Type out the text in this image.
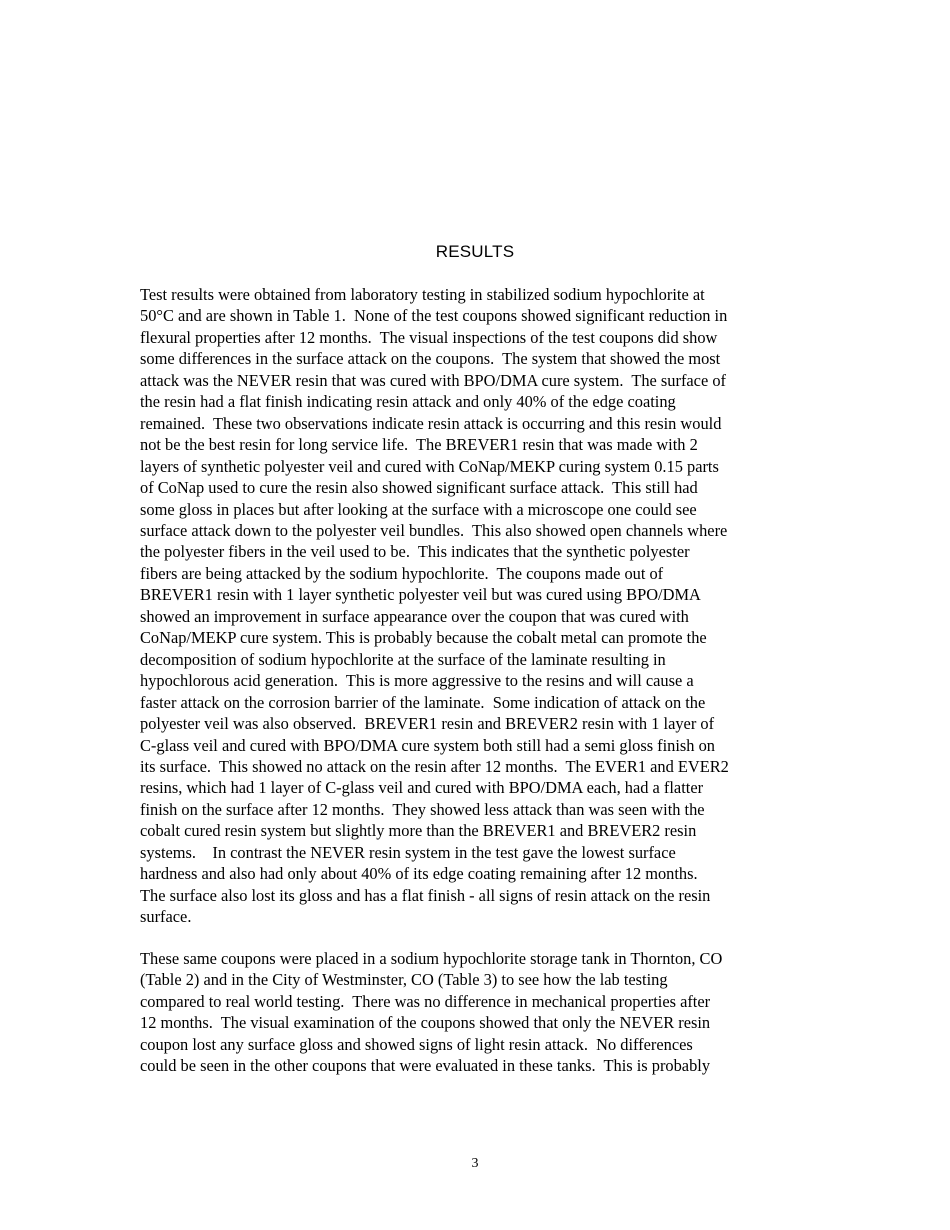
RESULTS
Test results were obtained from laboratory testing in stabilized sodium hypochlorite at
50°C and are shown in Table 1.  None of the test coupons showed significant reduction in
flexural properties after 12 months.  The visual inspections of the test coupons did show
some differences in the surface attack on the coupons.  The system that showed the most
attack was the NEVER resin that was cured with BPO/DMA cure system.  The surface of
the resin had a flat finish indicating resin attack and only 40% of the edge coating
remained.  These two observations indicate resin attack is occurring and this resin would
not be the best resin for long service life.  The BREVER1 resin that was made with 2
layers of synthetic polyester veil and cured with CoNap/MEKP curing system 0.15 parts
of CoNap used to cure the resin also showed significant surface attack.  This still had
some gloss in places but after looking at the surface with a microscope one could see
surface attack down to the polyester veil bundles.  This also showed open channels where
the polyester fibers in the veil used to be.  This indicates that the synthetic polyester
fibers are being attacked by the sodium hypochlorite.  The coupons made out of
BREVER1 resin with 1 layer synthetic polyester veil but was cured using BPO/DMA
showed an improvement in surface appearance over the coupon that was cured with
CoNap/MEKP cure system. This is probably because the cobalt metal can promote the
decomposition of sodium hypochlorite at the surface of the laminate resulting in
hypochlorous acid generation.  This is more aggressive to the resins and will cause a
faster attack on the corrosion barrier of the laminate.  Some indication of attack on the
polyester veil was also observed.  BREVER1 resin and BREVER2 resin with 1 layer of
C-glass veil and cured with BPO/DMA cure system both still had a semi gloss finish on
its surface.  This showed no attack on the resin after 12 months.  The EVER1 and EVER2
resins, which had 1 layer of C-glass veil and cured with BPO/DMA each, had a flatter
finish on the surface after 12 months.  They showed less attack than was seen with the
cobalt cured resin system but slightly more than the BREVER1 and BREVER2 resin
systems.    In contrast the NEVER resin system in the test gave the lowest surface
hardness and also had only about 40% of its edge coating remaining after 12 months.
The surface also lost its gloss and has a flat finish - all signs of resin attack on the resin
surface.
These same coupons were placed in a sodium hypochlorite storage tank in Thornton, CO
(Table 2) and in the City of Westminster, CO (Table 3) to see how the lab testing
compared to real world testing.  There was no difference in mechanical properties after
12 months.  The visual examination of the coupons showed that only the NEVER resin
coupon lost any surface gloss and showed signs of light resin attack.  No differences
could be seen in the other coupons that were evaluated in these tanks.  This is probably
3
